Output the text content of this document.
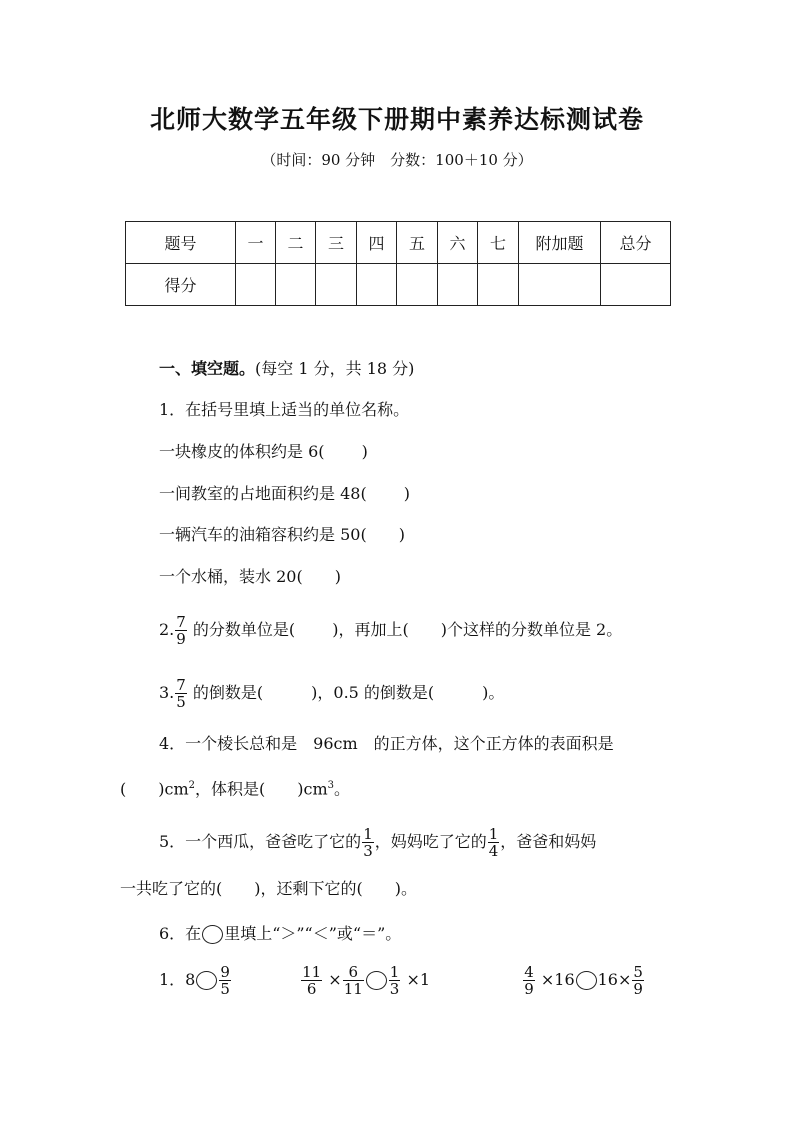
北师大数学五年级下册期中素养达标测试卷
（时间：90 分钟　分数：100＋10 分）
题号	一	二	三	四	五	六	七	附加题	总分
得分									
一、填空题。(每空 1 分，共 18 分)
1．在括号里填上适当的单位名称。
一块橡皮的体积约是 6(　　 )
一间教室的占地面积约是 48(　　 )
一辆汽车的油箱容积约是 50(　　)
一个水桶，装水 20(　　)
2. $\frac{7}{9}$ 的分数单位是(　　 )，再加上(　　)个这样的分数单位是 2。
3. $\frac{7}{5}$ 的倒数是(　　　)，0.5 的倒数是(　　　)。
4．一个棱长总和是　96cm　的正方体，这个正方体的表面积是
(　　)$cm^2$，体积是(　　)$cm^3$。
5．一个西瓜，爸爸吃了它的 $\frac{1}{3}$ ，妈妈吃了它的 $\frac{1}{4}$ ，爸爸和妈妈
一共吃了它的(　　)，还剩下它的(　　)。
6．在 里填上“＞”“＜”或“＝”。
1．$8 \frac{9}{5}$
	$\frac{11}{6} \times \frac{6}{11} \frac{1}{3} \times 1$	$\frac{4}{9} \times 16$ $16\times \frac{5}{9}$
